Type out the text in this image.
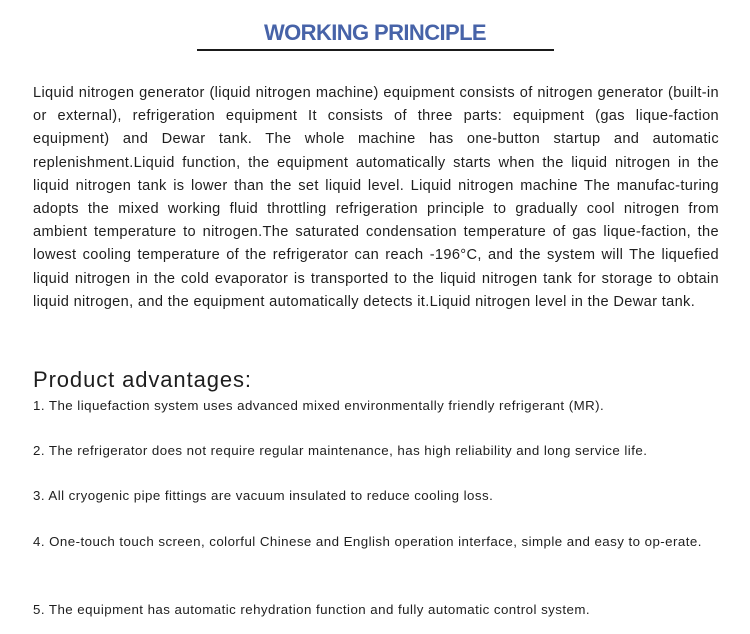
WORKING PRINCIPLE

Liquid nitrogen generator (liquid nitrogen machine) equipment consists of nitrogen generator (built-in or external), refrigeration equipment It consists of three parts: equipment (gas lique-faction equipment) and Dewar tank. The whole machine has one-button startup and automatic replenishment.Liquid function, the equipment automatically starts when the liquid nitrogen in the liquid nitrogen tank is lower than the set liquid level. Liquid nitrogen machine The manufac-turing adopts the mixed working fluid throttling refrigeration principle to gradually cool nitrogen from ambient temperature to nitrogen.The saturated condensation temperature of gas lique-faction, the lowest cooling temperature of the refrigerator can reach -196°C, and the system will The liquefied liquid nitrogen in the cold evaporator is transported to the liquid nitrogen tank for storage to obtain liquid nitrogen, and the equipment automatically detects it.Liquid nitrogen level in the Dewar tank.

Product advantages:
1. The liquefaction system uses advanced mixed environmentally friendly refrigerant (MR).
2. The refrigerator does not require regular maintenance, has high reliability and long service life.
3. All cryogenic pipe fittings are vacuum insulated to reduce cooling loss.
4. One-touch touch screen, colorful Chinese and English operation interface, simple and easy to op-erate.
5. The equipment has automatic rehydration function and fully automatic control system.
